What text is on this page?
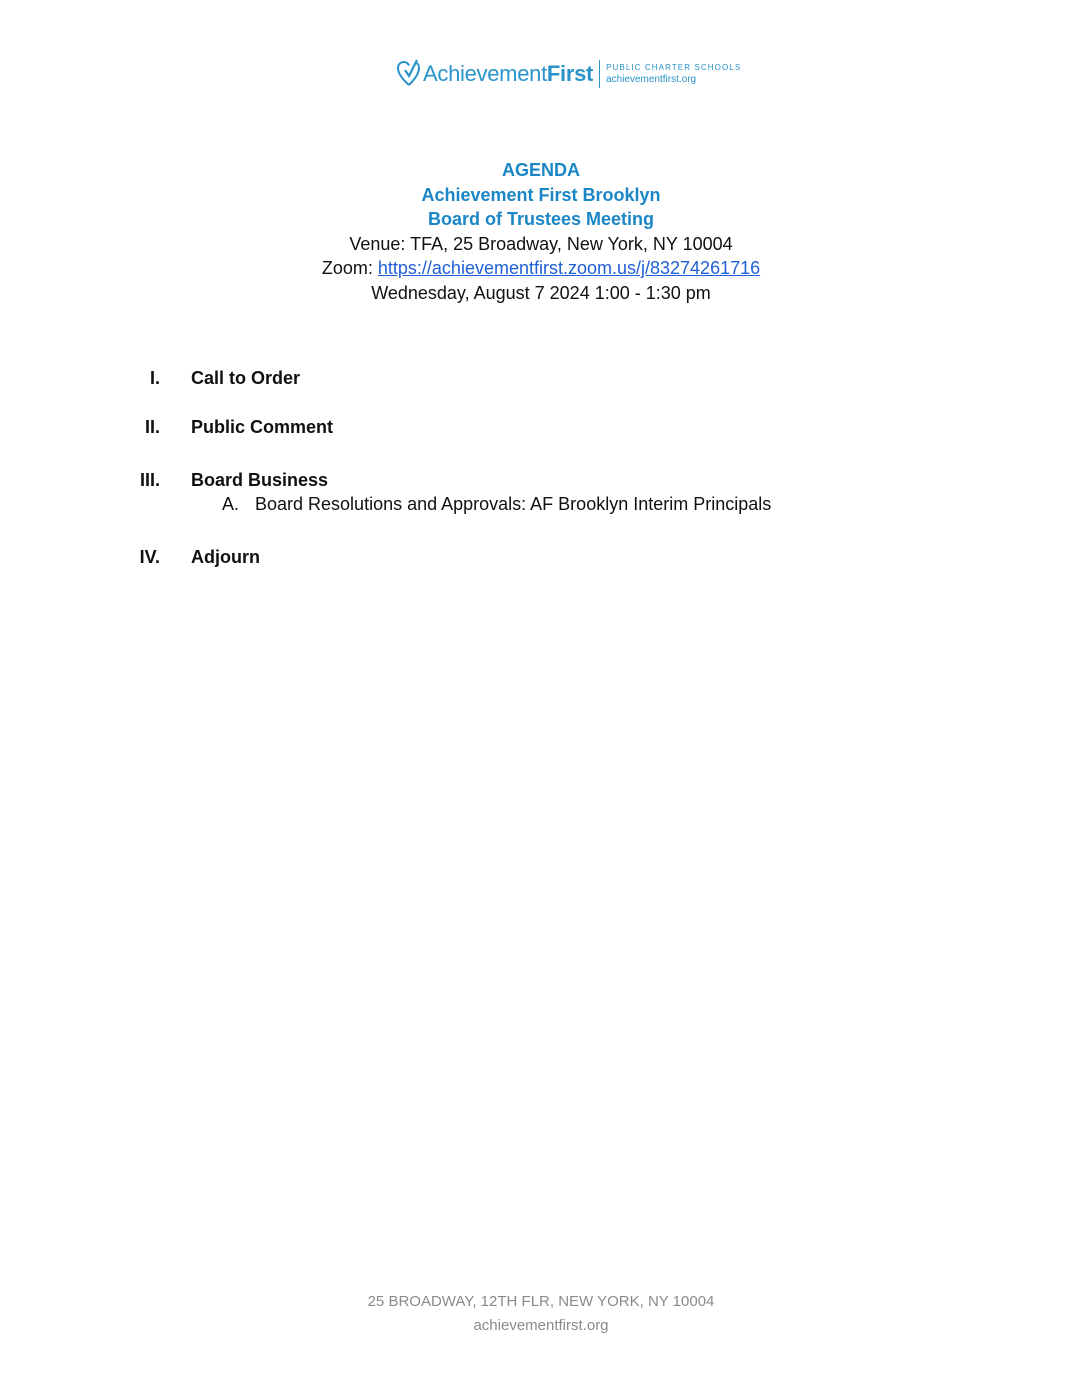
AchievementFirst PUBLIC CHARTER SCHOOLS
achievementfirst.org
AGENDA
Achievement First Brooklyn
Board of Trustees Meeting
Venue: TFA, 25 Broadway, New York, NY 10004
Zoom: https://achievementfirst.zoom.us/j/83274261716
Wednesday, August 7 2024 1:00 - 1:30 pm
I. Call to Order
II. Public Comment
III. Board Business
A. Board Resolutions and Approvals: AF Brooklyn Interim Principals
IV. Adjourn
25 BROADWAY, 12TH FLR, NEW YORK, NY 10004
achievementfirst.org
